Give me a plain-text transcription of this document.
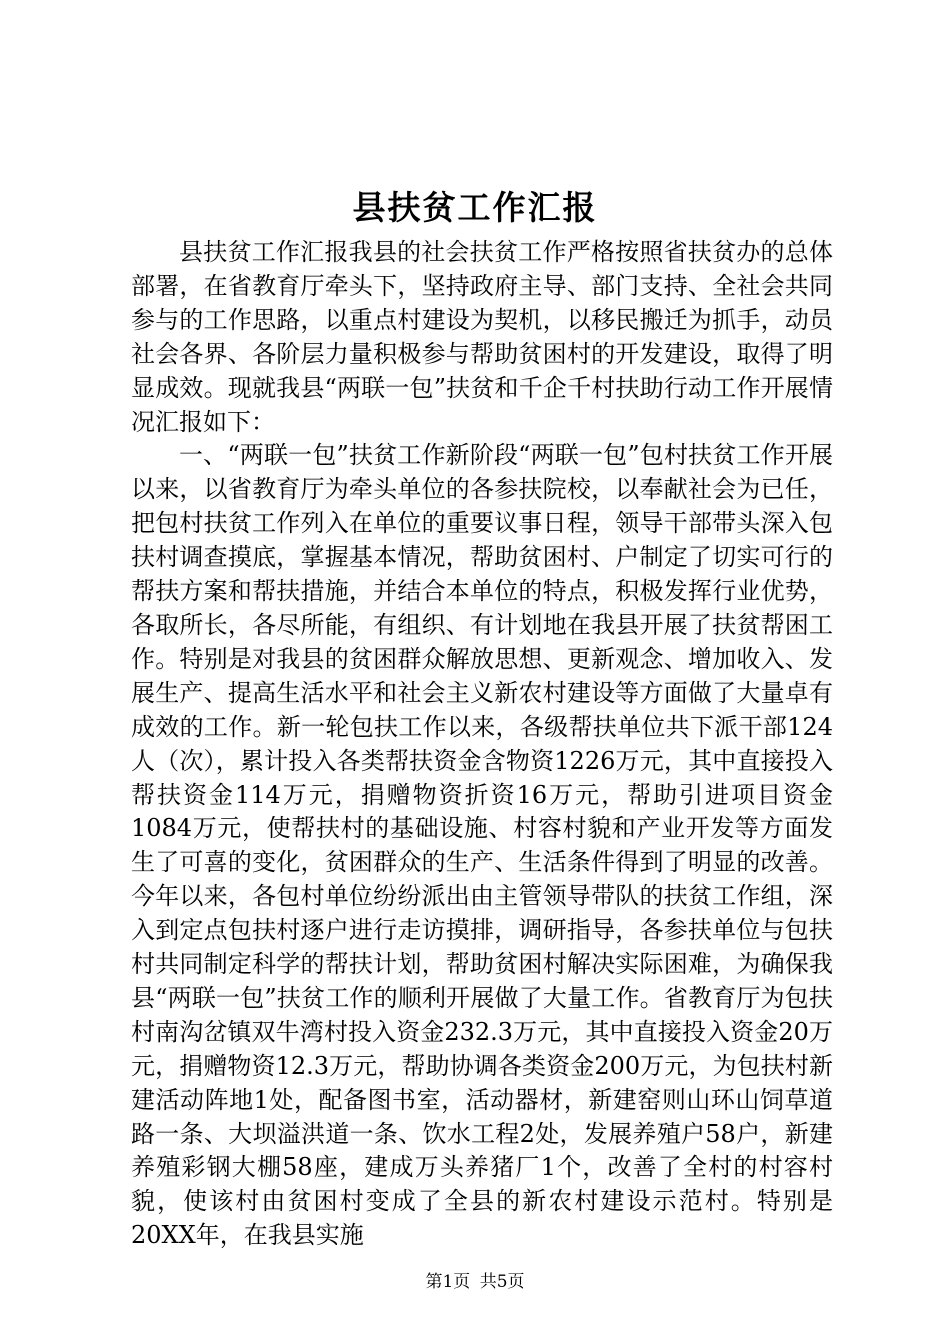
县扶贫工作汇报

县扶贫工作汇报我县的社会扶贫工作严格按照省扶贫办的总体部署，在省教育厅牵头下，坚持政府主导、部门支持、全社会共同参与的工作思路，以重点村建设为契机，以移民搬迁为抓手，动员社会各界、各阶层力量积极参与帮助贫困村的开发建设，取得了明显成效。现就我县“两联一包”扶贫和千企千村扶助行动工作开展情况汇报如下：

一、“两联一包”扶贫工作新阶段“两联一包”包村扶贫工作开展以来，以省教育厅为牵头单位的各参扶院校，以奉献社会为已任，把包村扶贫工作列入在单位的重要议事日程，领导干部带头深入包扶村调查摸底，掌握基本情况，帮助贫困村、户制定了切实可行的帮扶方案和帮扶措施，并结合本单位的特点，积极发挥行业优势，各取所长，各尽所能，有组织、有计划地在我县开展了扶贫帮困工作。特别是对我县的贫困群众解放思想、更新观念、增加收入、发展生产、提高生活水平和社会主义新农村建设等方面做了大量卓有成效的工作。新一轮包扶工作以来，各级帮扶单位共下派干部124人（次），累计投入各类帮扶资金含物资1226万元，其中直接投入帮扶资金114万元，捐赠物资折资16万元，帮助引进项目资金1084万元，使帮扶村的基础设施、村容村貌和产业开发等方面发生了可喜的变化，贫困群众的生产、生活条件得到了明显的改善。今年以来，各包村单位纷纷派出由主管领导带队的扶贫工作组，深入到定点包扶村逐户进行走访摸排，调研指导，各参扶单位与包扶村共同制定科学的帮扶计划，帮助贫困村解决实际困难，为确保我县“两联一包”扶贫工作的顺利开展做了大量工作。省教育厅为包扶村南沟岔镇双牛湾村投入资金232.3万元，其中直接投入资金20万元，捐赠物资12.3万元，帮助协调各类资金200万元，为包扶村新建活动阵地1处，配备图书室，活动器材，新建窑则山环山饲草道路一条、大坝溢洪道一条、饮水工程2处，发展养殖户58户，新建养殖彩钢大棚58座，建成万头养猪厂1个，改善了全村的村容村貌，使该村由贫困村变成了全县的新农村建设示范村。特别是20XX年，在我县实施

第1页 共5页
